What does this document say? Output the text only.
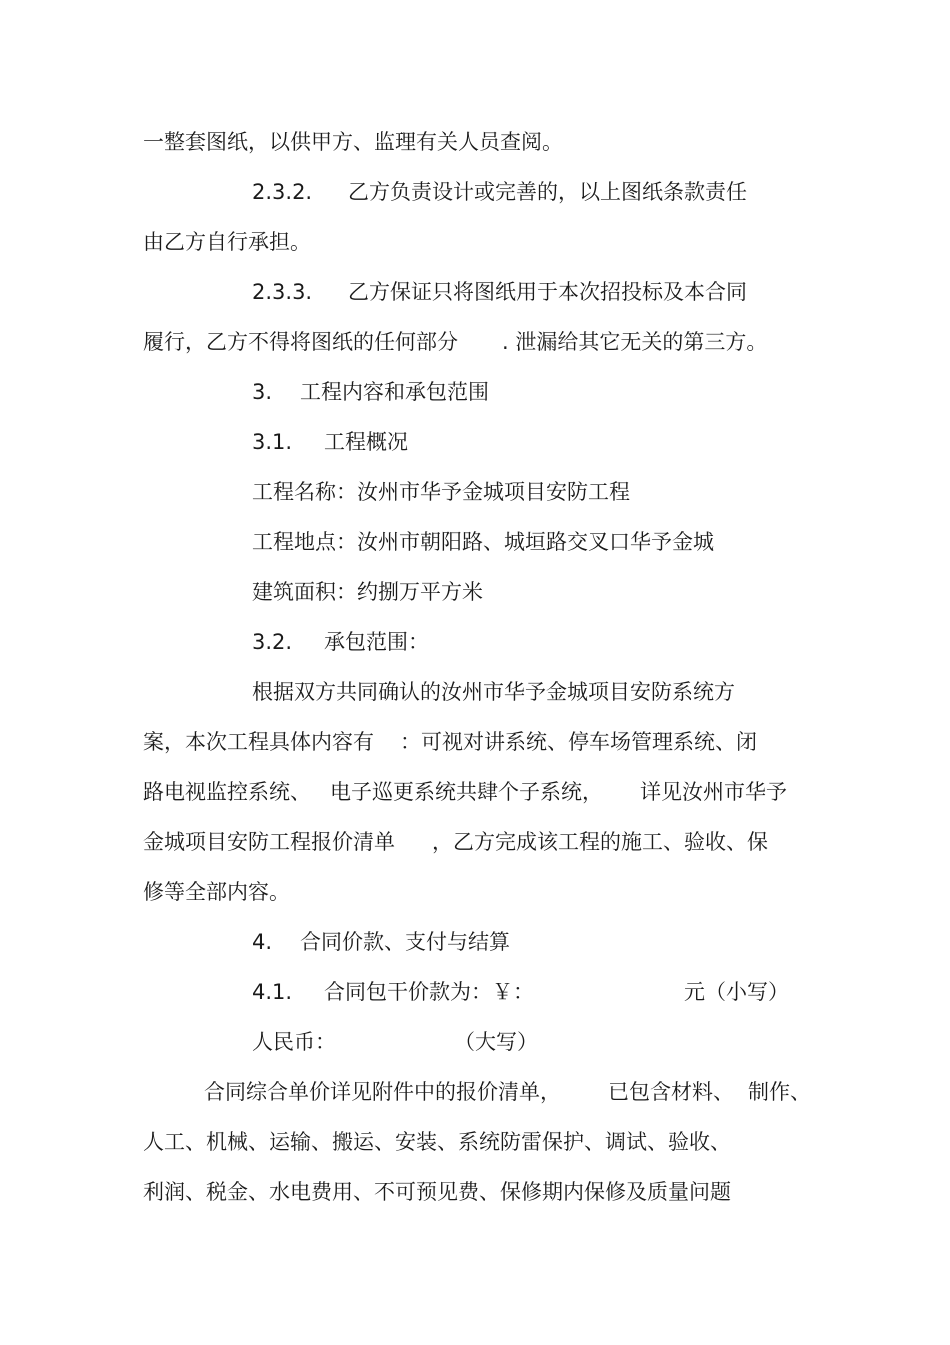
一整套图纸，以供甲方、监理有关人员查阅。
2.3.2. 乙方负责设计或完善的，以上图纸条款责任
由乙方自行承担。
2.3.3. 乙方保证只将图纸用于本次招投标及本合同
履行，乙方不得将图纸的任何部分 . 泄漏给其它无关的第三方。
3. 工程内容和承包范围
3.1. 工程概况
工程名称：汝州市华予金城项目安防工程
工程地点：汝州市朝阳路、城垣路交叉口华予金城
建筑面积：约捌万平方米
3.2. 承包范围：
根据双方共同确认的汝州市华予金城项目安防系统方
案，本次工程具体内容有 ：可视对讲系统、停车场管理系统、闭
路电视监控系统、 电子巡更系统共肆个子系统， 详见汝州市华予
金城项目安防工程报价清单 ，乙方完成该工程的施工、验收、保
修等全部内容。
4. 合同价款、支付与结算
4.1. 合同包干价款为：￥：	元（小写）
人民币：	（大写）
合同综合单价详见附件中的报价清单， 已包含材料、 制作、
人工、机械、运输、搬运、安装、系统防雷保护、调试、验收、
利润、税金、水电费用、不可预见费、保修期内保修及质量问题
